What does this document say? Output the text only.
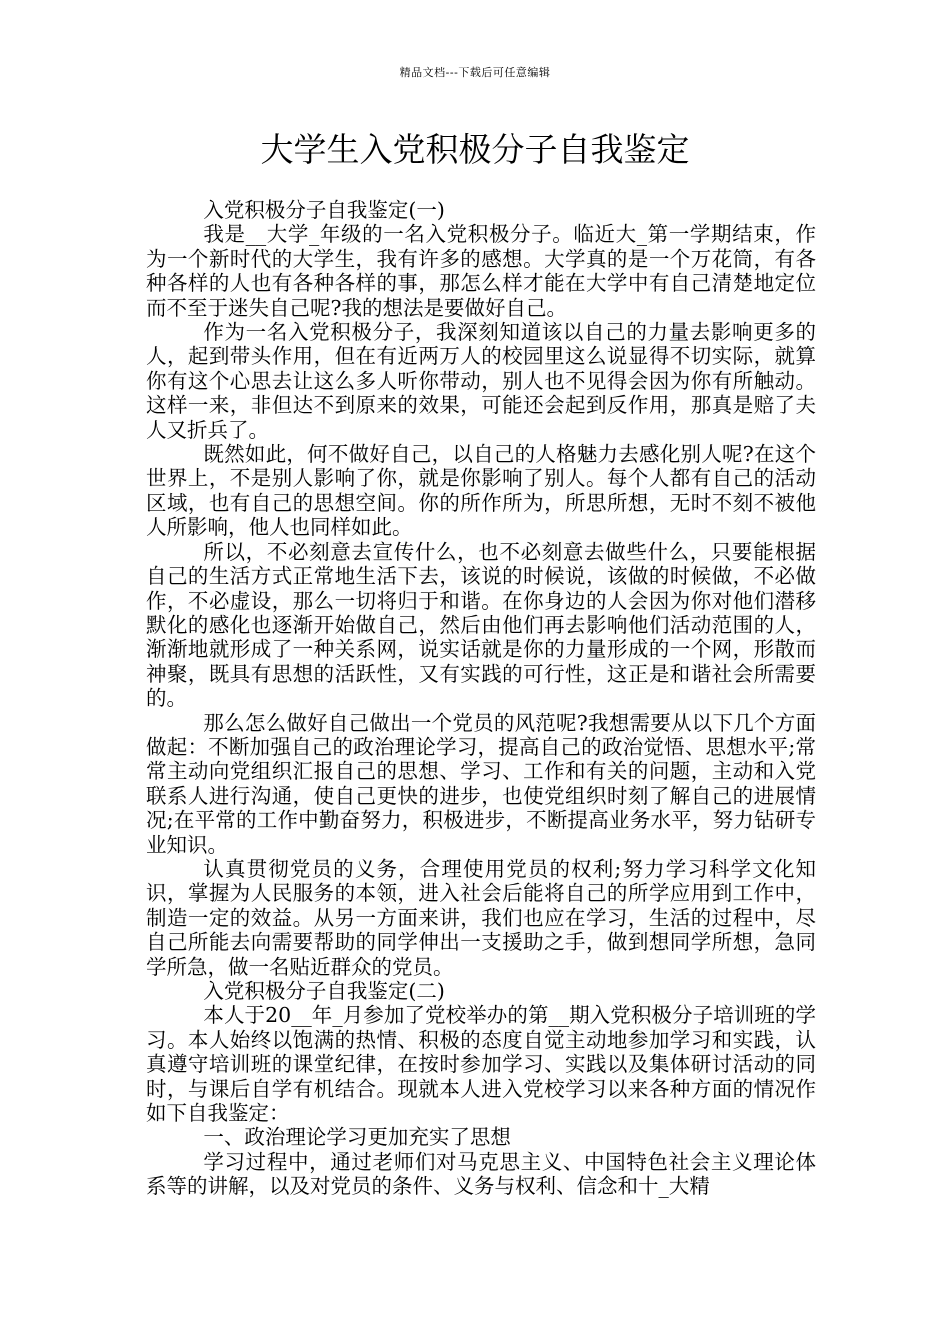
精品文档---下载后可任意编辑
大学生入党积极分子自我鉴定

入党积极分子自我鉴定(一)

我是__大学_年级的一名入党积极分子。临近大_第一学期结束，作为一个新时代的大学生，我有许多的感想。大学真的是一个万花筒，有各种各样的人也有各种各样的事，那怎么样才能在大学中有自己清楚地定位而不至于迷失自己呢?我的想法是要做好自己。

作为一名入党积极分子，我深刻知道该以自己的力量去影响更多的人，起到带头作用，但在有近两万人的校园里这么说显得不切实际，就算你有这个心思去让这么多人听你带动，别人也不见得会因为你有所触动。这样一来，非但达不到原来的效果，可能还会起到反作用，那真是赔了夫人又折兵了。

既然如此，何不做好自己，以自己的人格魅力去感化别人呢?在这个世界上，不是别人影响了你，就是你影响了别人。每个人都有自己的活动区域，也有自己的思想空间。你的所作所为，所思所想，无时不刻不被他人所影响，他人也同样如此。

所以，不必刻意去宣传什么，也不必刻意去做些什么，只要能根据自己的生活方式正常地生活下去，该说的时候说，该做的时候做，不必做作，不必虚设，那么一切将归于和谐。在你身边的人会因为你对他们潜移默化的感化也逐渐开始做自己，然后由他们再去影响他们活动范围的人，渐渐地就形成了一种关系网，说实话就是你的力量形成的一个网，形散而神聚，既具有思想的活跃性，又有实践的可行性，这正是和谐社会所需要的。

那么怎么做好自己做出一个党员的风范呢?我想需要从以下几个方面做起：不断加强自己的政治理论学习，提高自己的政治觉悟、思想水平;常常主动向党组织汇报自己的思想、学习、工作和有关的问题，主动和入党联系人进行沟通，使自己更快的进步，也使党组织时刻了解自己的进展情况;在平常的工作中勤奋努力，积极进步，不断提高业务水平，努力钻研专业知识。

认真贯彻党员的义务，合理使用党员的权利;努力学习科学文化知识，掌握为人民服务的本领，进入社会后能将自己的所学应用到工作中，制造一定的效益。从另一方面来讲，我们也应在学习，生活的过程中，尽自己所能去向需要帮助的同学伸出一支援助之手，做到想同学所想，急同学所急，做一名贴近群众的党员。

入党积极分子自我鉴定(二)

本人于20__年_月参加了党校举办的第__期入党积极分子培训班的学习。本人始终以饱满的热情、积极的态度自觉主动地参加学习和实践，认真遵守培训班的课堂纪律，在按时参加学习、实践以及集体研讨活动的同时，与课后自学有机结合。现就本人进入党校学习以来各种方面的情况作如下自我鉴定：

一、政治理论学习更加充实了思想

学习过程中，通过老师们对马克思主义、中国特色社会主义理论体系等的讲解，以及对党员的条件、义务与权利、信念和十_大精
